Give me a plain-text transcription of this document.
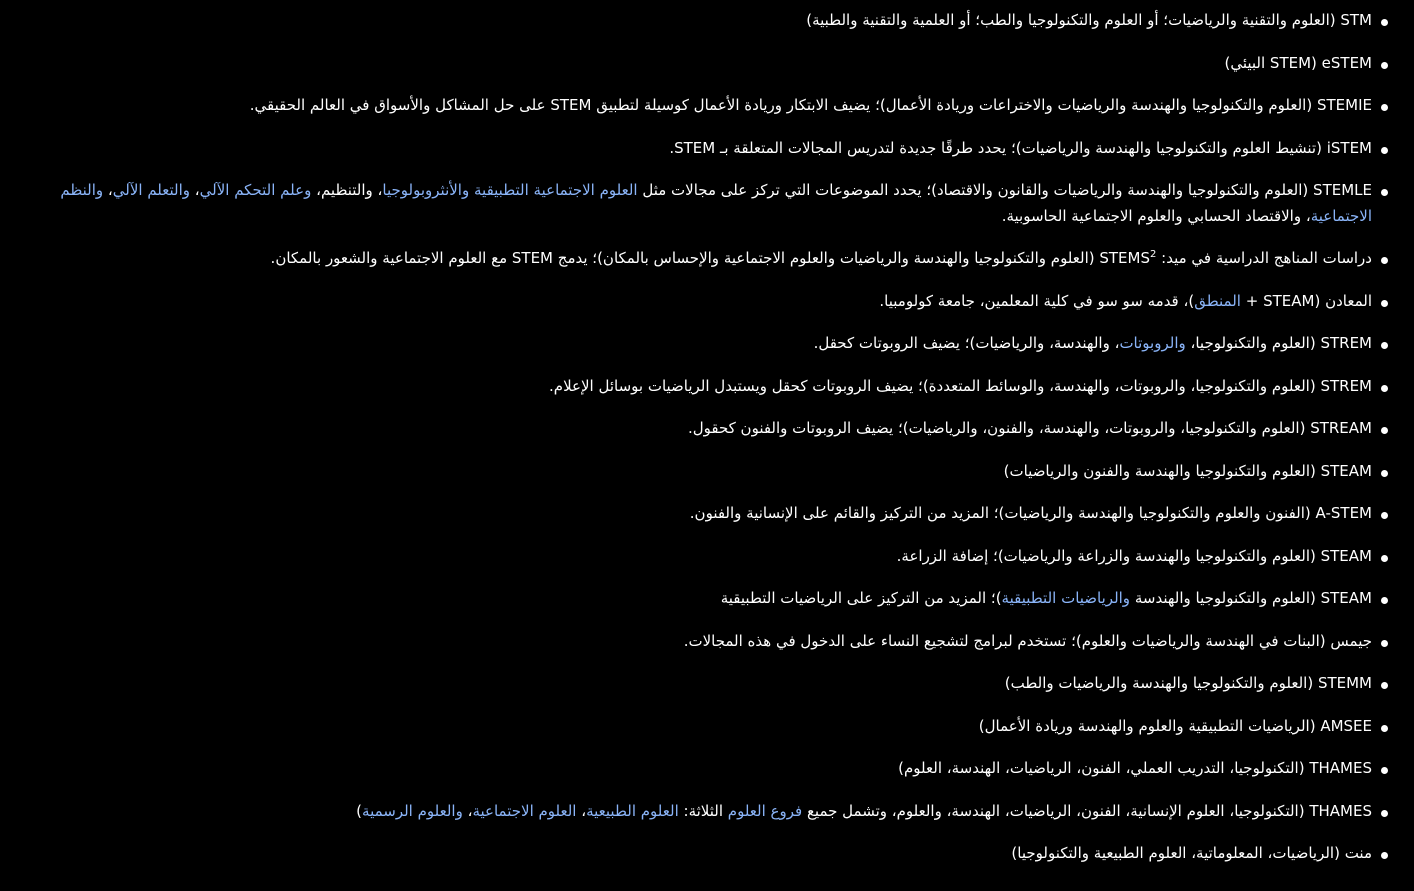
STM (العلوم والتقنية والرياضيات؛ أو العلوم والتكنولوجيا والطب؛ أو العلمية والتقنية والطبية)
eSTEM (STEM البيئي)
STEMIE (العلوم والتكنولوجيا والهندسة والرياضيات والاختراعات وريادة الأعمال)؛ يضيف الابتكار وريادة الأعمال كوسيلة لتطبيق STEM على حل المشاكل والأسواق في العالم الحقيقي.
iSTEM (تنشيط العلوم والتكنولوجيا والهندسة والرياضيات)؛ يحدد طرقًا جديدة لتدريس المجالات المتعلقة بـ STEM.
STEMLE (العلوم والتكنولوجيا والهندسة والرياضيات والقانون والاقتصاد)؛ يحدد الموضوعات التي تركز على مجالات مثل العلوم الاجتماعية التطبيقية والأنثروبولوجيا، والتنظيم، وعلم التحكم الآلي، والتعلم الآلي، والنظم الاجتماعية، والاقتصاد الحسابي والعلوم الاجتماعية الحاسوبية.
دراسات المناهج الدراسية في ميد: STEMS$^2$ (العلوم والتكنولوجيا والهندسة والرياضيات والعلوم الاجتماعية والإحساس بالمكان)؛ يدمج STEM مع العلوم الاجتماعية والشعور بالمكان.
المعادن (STEAM + المنطق)، قدمه سو سو في كلية المعلمين، جامعة كولومبيا.
STREM (العلوم والتكنولوجيا، والروبوتات، والهندسة، والرياضيات)؛ يضيف الروبوتات كحقل.
STREM (العلوم والتكنولوجيا، والروبوتات، والهندسة، والوسائط المتعددة)؛ يضيف الروبوتات كحقل ويستبدل الرياضيات بوسائل الإعلام.
STREAM (العلوم والتكنولوجيا، والروبوتات، والهندسة، والفنون، والرياضيات)؛ يضيف الروبوتات والفنون كحقول.
STEAM (العلوم والتكنولوجيا والهندسة والفنون والرياضيات)
A-STEM (الفنون والعلوم والتكنولوجيا والهندسة والرياضيات)؛ المزيد من التركيز والقائم على الإنسانية والفنون.
STEAM (العلوم والتكنولوجيا والهندسة والزراعة والرياضيات)؛ إضافة الزراعة.
STEAM (العلوم والتكنولوجيا والهندسة والرياضيات التطبيقية)؛ المزيد من التركيز على الرياضيات التطبيقية
جيمس (البنات في الهندسة والرياضيات والعلوم)؛ تستخدم لبرامج لتشجيع النساء على الدخول في هذه المجالات.
STEMM (العلوم والتكنولوجيا والهندسة والرياضيات والطب)
AMSEE (الرياضيات التطبيقية والعلوم والهندسة وريادة الأعمال)
THAMES (التكنولوجيا، التدريب العملي، الفنون، الرياضيات، الهندسة، العلوم)
THAMES (التكنولوجيا، العلوم الإنسانية، الفنون، الرياضيات، الهندسة، والعلوم، وتشمل جميع فروع العلوم الثلاثة: العلوم الطبيعية، العلوم الاجتماعية، والعلوم الرسمية)
منت (الرياضيات، المعلوماتية، العلوم الطبيعية والتكنولوجيا)
